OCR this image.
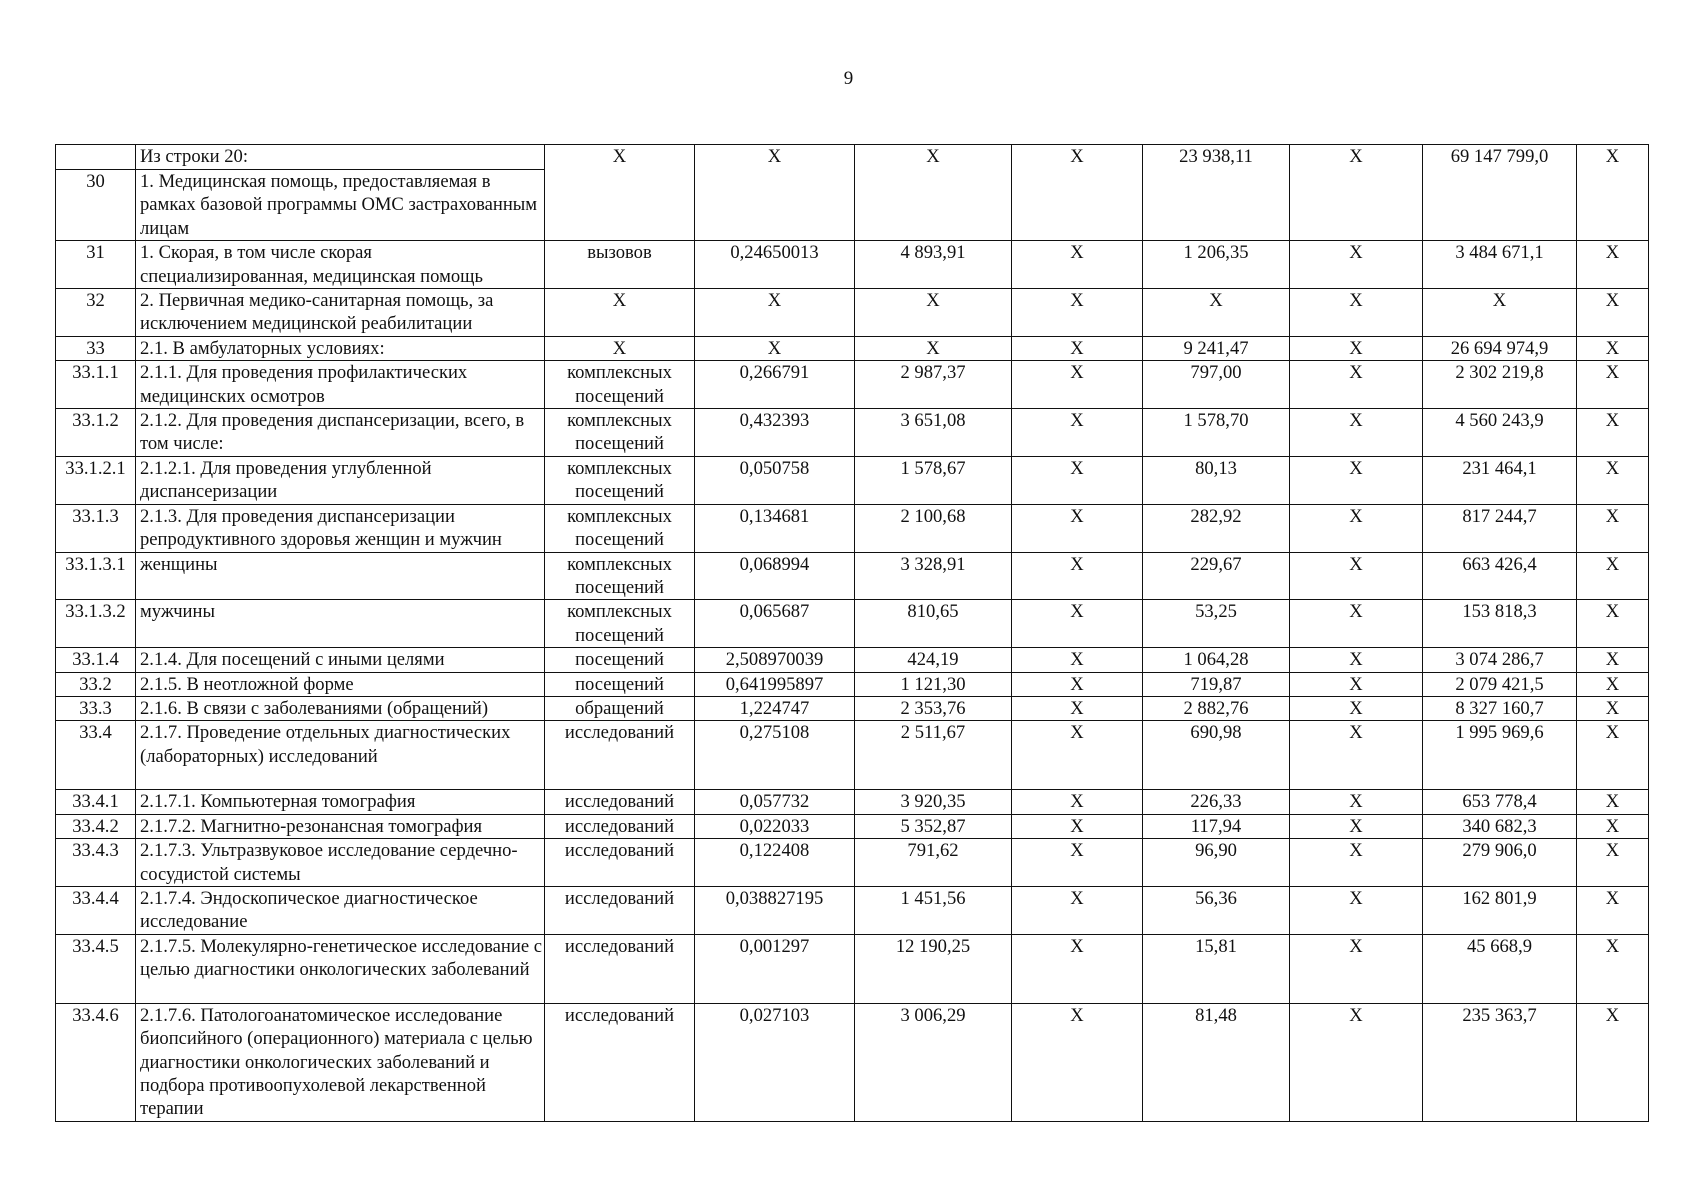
9
	Из строки 20:	X	X	X	X	23 938,11	X	69 147 799,0	X
30	1. Медицинская помощь, предоставляемая в рамках базовой программы ОМС застрахованным лицам								
31	1. Скорая, в том числе скорая специализированная, медицинская помощь	вызовов	0,24650013	4 893,91	X	1 206,35	X	3 484 671,1	X
32	2. Первичная медико-санитарная помощь, за исключением медицинской реабилитации	X	X	X	X	X	X	X	X
33	2.1. В амбулаторных условиях:	X	X	X	X	9 241,47	X	26 694 974,9	X
33.1.1	2.1.1. Для проведения профилактических медицинских осмотров	комплексных посещений	0,266791	2 987,37	X	797,00	X	2 302 219,8	X
33.1.2	2.1.2. Для проведения диспансеризации, всего, в том числе:	комплексных посещений	0,432393	3 651,08	X	1 578,70	X	4 560 243,9	X
33.1.2.1	2.1.2.1. Для проведения углубленной диспансеризации	комплексных посещений	0,050758	1 578,67	X	80,13	X	231 464,1	X
33.1.3	2.1.3. Для проведения диспансеризации репродуктивного здоровья женщин и мужчин	комплексных посещений	0,134681	2 100,68	X	282,92	X	817 244,7	X
33.1.3.1	женщины	комплексных посещений	0,068994	3 328,91	X	229,67	X	663 426,4	X
33.1.3.2	мужчины	комплексных посещений	0,065687	810,65	X	53,25	X	153 818,3	X
33.1.4	2.1.4. Для посещений с иными целями	посещений	2,508970039	424,19	X	1 064,28	X	3 074 286,7	X
33.2	2.1.5. В неотложной форме	посещений	0,641995897	1 121,30	X	719,87	X	2 079 421,5	X
33.3	2.1.6. В связи с заболеваниями (обращений)	обращений	1,224747	2 353,76	X	2 882,76	X	8 327 160,7	X
33.4	2.1.7. Проведение отдельных диагностических (лабораторных) исследований	исследований	0,275108	2 511,67	X	690,98	X	1 995 969,6	X
33.4.1	2.1.7.1. Компьютерная томография	исследований	0,057732	3 920,35	X	226,33	X	653 778,4	X
33.4.2	2.1.7.2. Магнитно-резонансная томография	исследований	0,022033	5 352,87	X	117,94	X	340 682,3	X
33.4.3	2.1.7.3. Ультразвуковое исследование сердечно-сосудистой системы	исследований	0,122408	791,62	X	96,90	X	279 906,0	X
33.4.4	2.1.7.4. Эндоскопическое диагностическое исследование	исследований	0,038827195	1 451,56	X	56,36	X	162 801,9	X
33.4.5	2.1.7.5. Молекулярно-генетическое исследование с целью диагностики онкологических заболеваний	исследований	0,001297	12 190,25	X	15,81	X	45 668,9	X
33.4.6	2.1.7.6. Патологоанатомическое исследование биопсийного (операционного) материала с целью диагностики онкологических заболеваний и подбора противоопухолевой лекарственной терапии	исследований	0,027103	3 006,29	X	81,48	X	235 363,7	X
